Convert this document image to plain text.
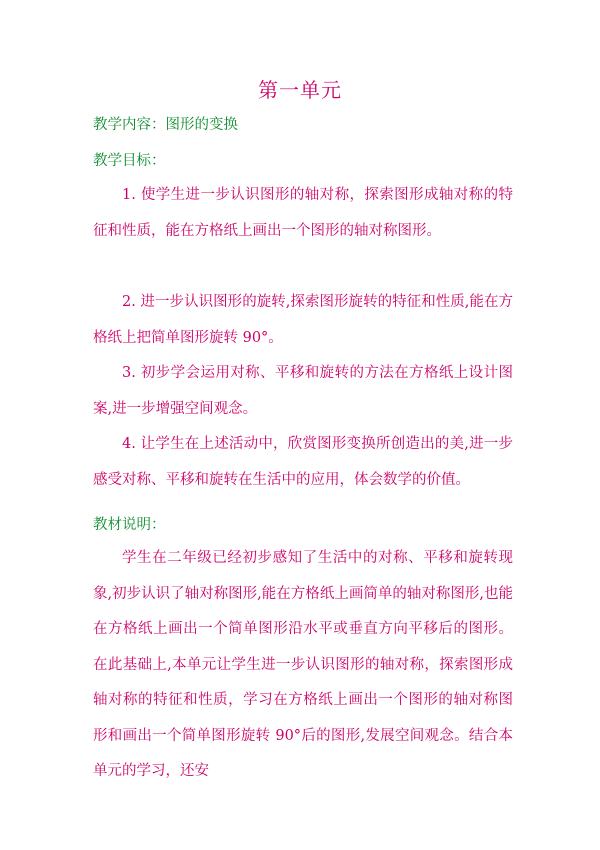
第一单元
教学内容：图形的变换
教学目标：
1. 使学生进一步认识图形的轴对称，探索图形成轴对称的特征和性质，能在方格纸上画出一个图形的轴对称图形。
2. 进一步认识图形的旋转,探索图形旋转的特征和性质,能在方格纸上把简单图形旋转 90°。
3. 初步学会运用对称、平移和旋转的方法在方格纸上设计图案,进一步增强空间观念。
4. 让学生在上述活动中，欣赏图形变换所创造出的美,进一步感受对称、平移和旋转在生活中的应用，体会数学的价值。
教材说明：
学生在二年级已经初步感知了生活中的对称、平移和旋转现象,初步认识了轴对称图形,能在方格纸上画简单的轴对称图形,也能在方格纸上画出一个简单图形沿水平或垂直方向平移后的图形。在此基础上,本单元让学生进一步认识图形的轴对称，探索图形成轴对称的特征和性质，学习在方格纸上画出一个图形的轴对称图形和画出一个简单图形旋转 90°后的图形,发展空间观念。结合本单元的学习，还安
